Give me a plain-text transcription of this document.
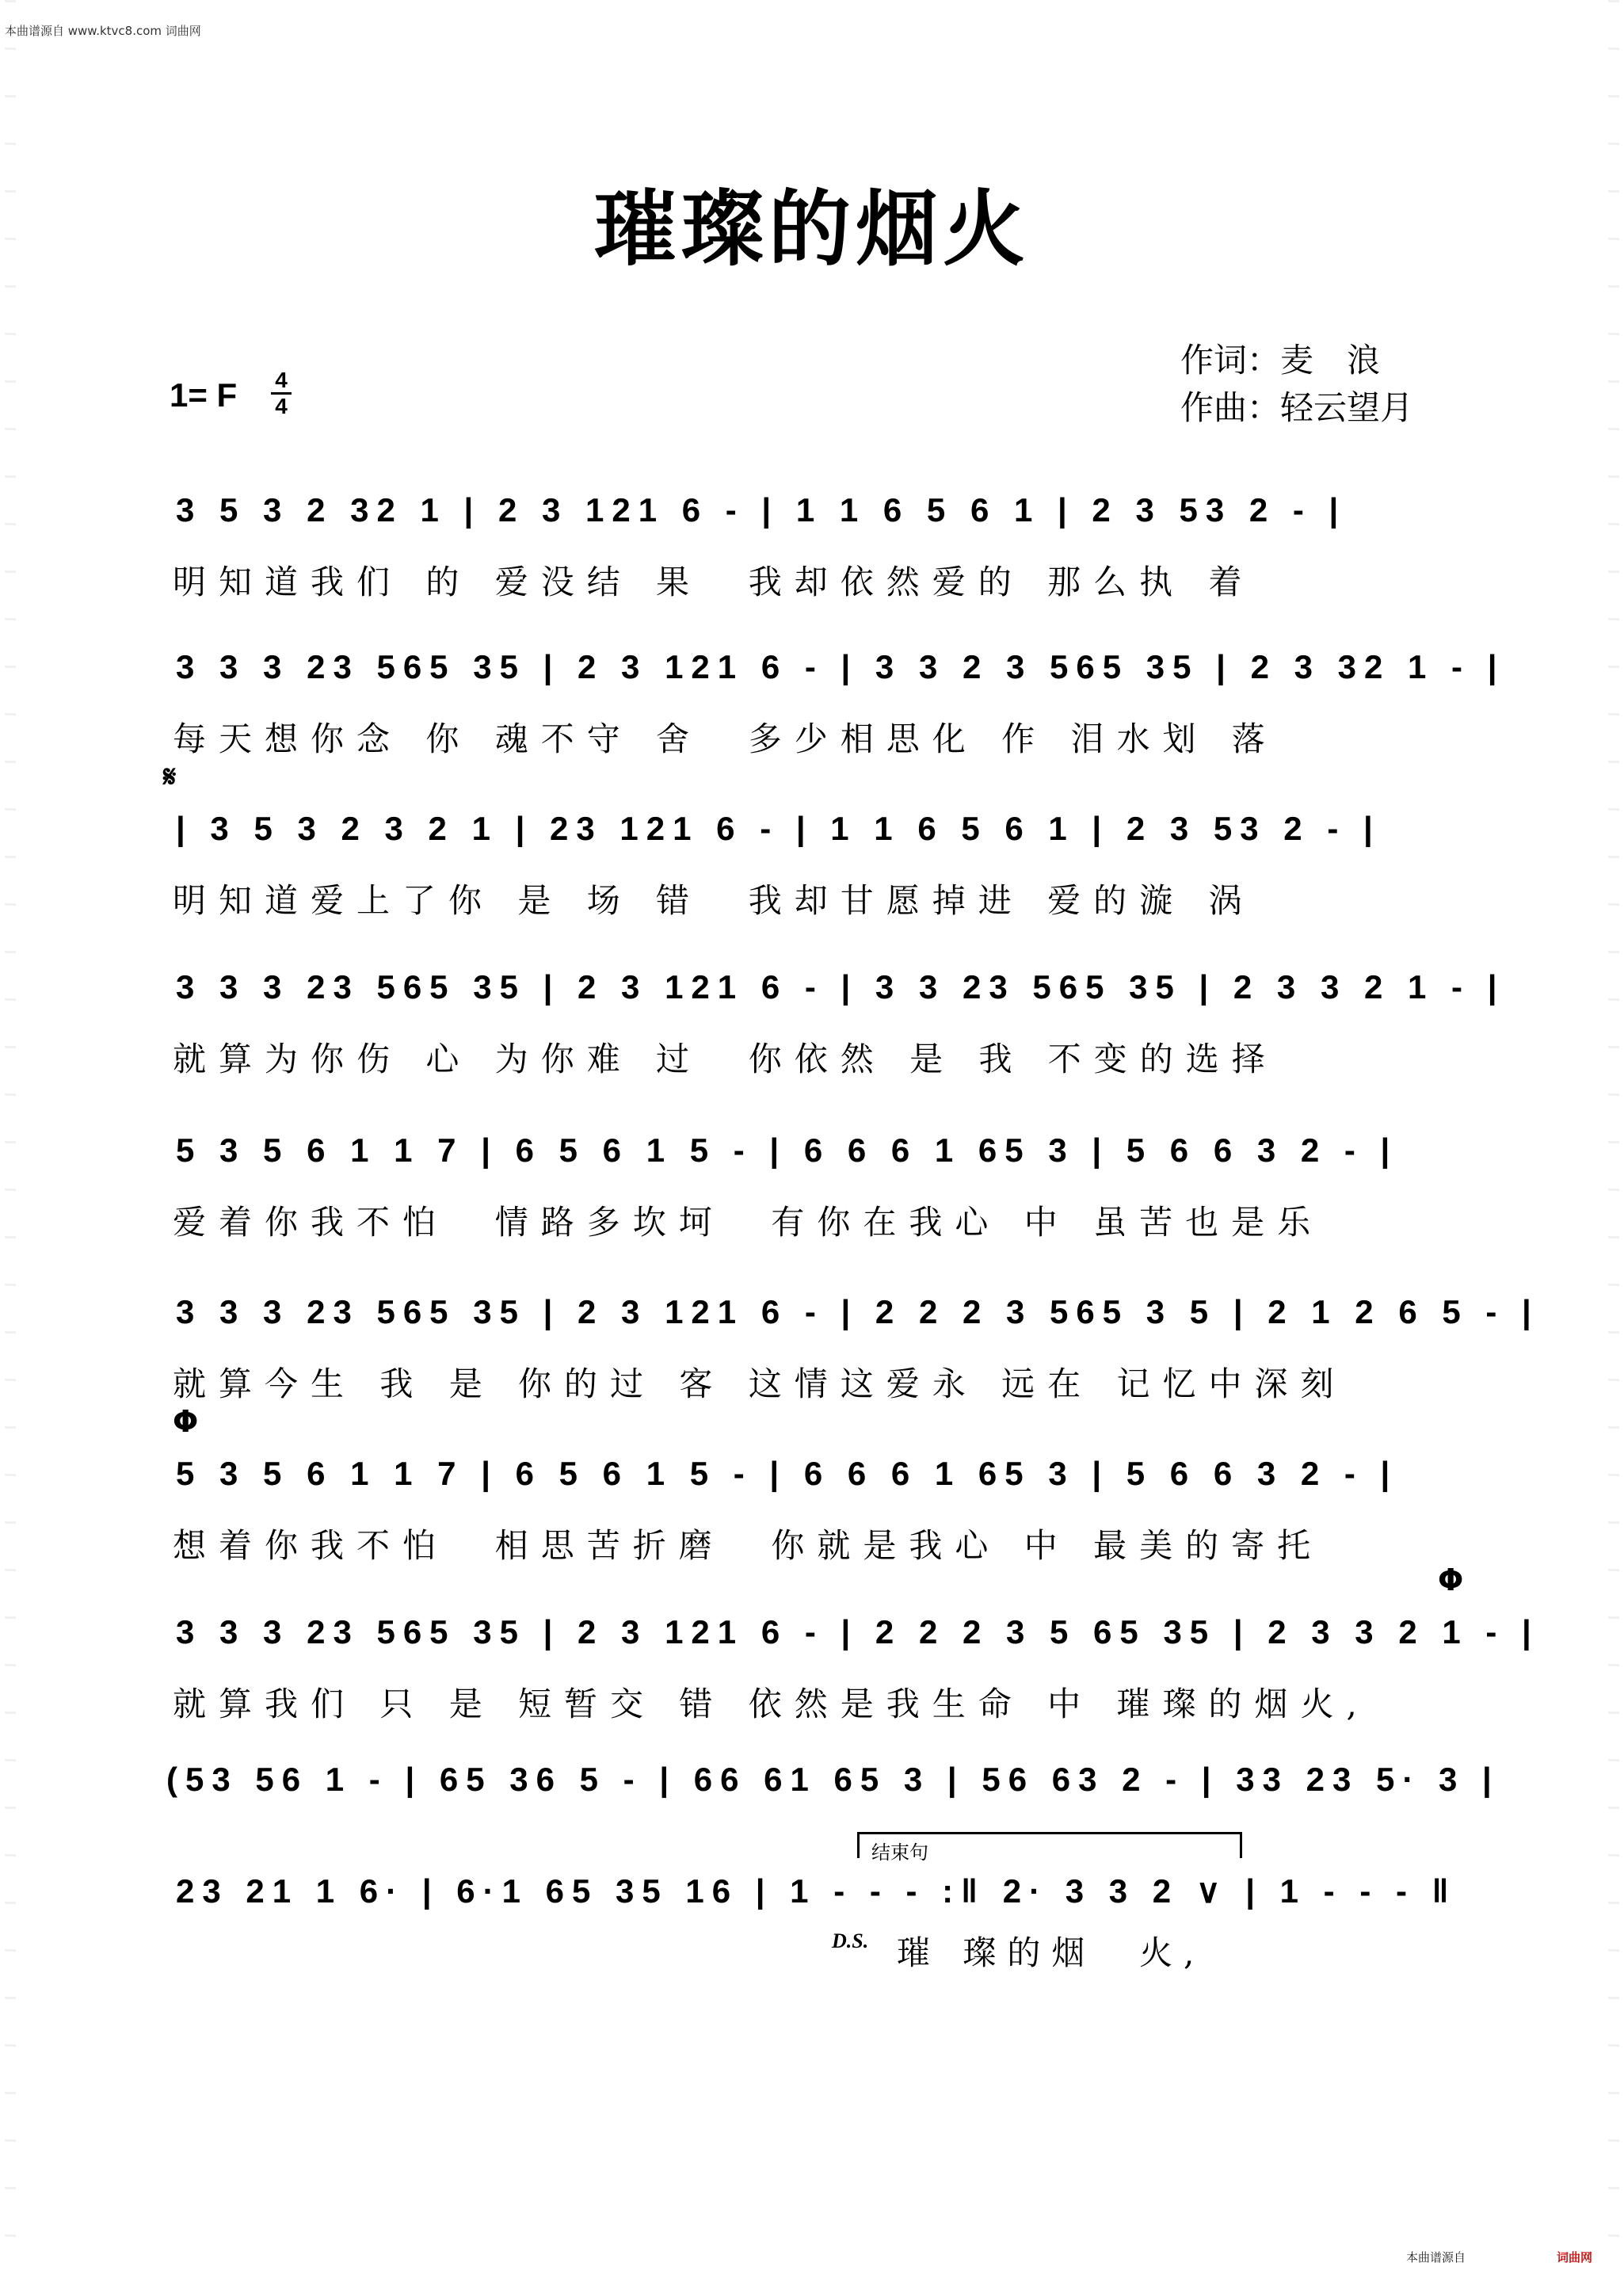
本曲谱源自 www.ktvc8.com 词曲网
璀璨的烟火
1= F 4
4
作词：麦　浪
作曲：轻云望月
3 5 3 2 32 1 | 2 3 121 6 - | 1 1 6 5 6 1 | 2 3 53 2 - |
明知道我们 的 爱没结 果  我却依然爱的 那么执 着
3 3 3 23 565 35 | 2 3 121 6 - | 3 3 2 3 565 35 | 2 3 32 1 - |
每天想你念 你 魂不守 舍  多少相思化 作 泪水划 落
𝄋
| 3 5 3 2 3 2 1 | 23 121 6 - | 1 1 6 5 6 1 | 2 3 53 2 - |
明知道爱上了你 是 场 错  我却甘愿掉进 爱的漩 涡
3 3 3 23 565 35 | 2 3 121 6 - | 3 3 23 565 35 | 2 3 3 2 1 - |
就算为你伤 心 为你难 过  你依然 是 我 不变的选择
5 3 5 6 1 1 7 | 6 5 6 1 5 - | 6 6 6 1 65 3 | 5 6 6 3 2 - |
爱着你我不怕  情路多坎坷  有你在我心 中 虽苦也是乐
3 3 3 23 565 35 | 2 3 121 6 - | 2 2 2 3 565 3 5 | 2 1 2 6 5 - |
就算今生 我 是 你的过 客 这情这爱永 远在 记忆中深刻
Φ
5 3 5 6 1 1 7 | 6 5 6 1 5 - | 6 6 6 1 65 3 | 5 6 6 3 2 - |
想着你我不怕  相思苦折磨  你就是我心 中 最美的寄托
Φ
3 3 3 23 565 35 | 2 3 121 6 - | 2 2 2 3 5 65 35 | 2 3 3 2 1 - |
就算我们 只 是 短暂交 错 依然是我生命 中 璀璨的烟火,
(53 56 1 - | 65 36 5 - | 66 61 65 3 | 56 63 2 - | 33 23 5· 3 |
23 21 1 6· | 6·1 65 35 16 | 1 - - - :‖ 2· 3 3 2 ∨ | 1 - - - ‖
结束句
D.S. 璀 璨的烟  火,
本曲谱源自	词曲网
